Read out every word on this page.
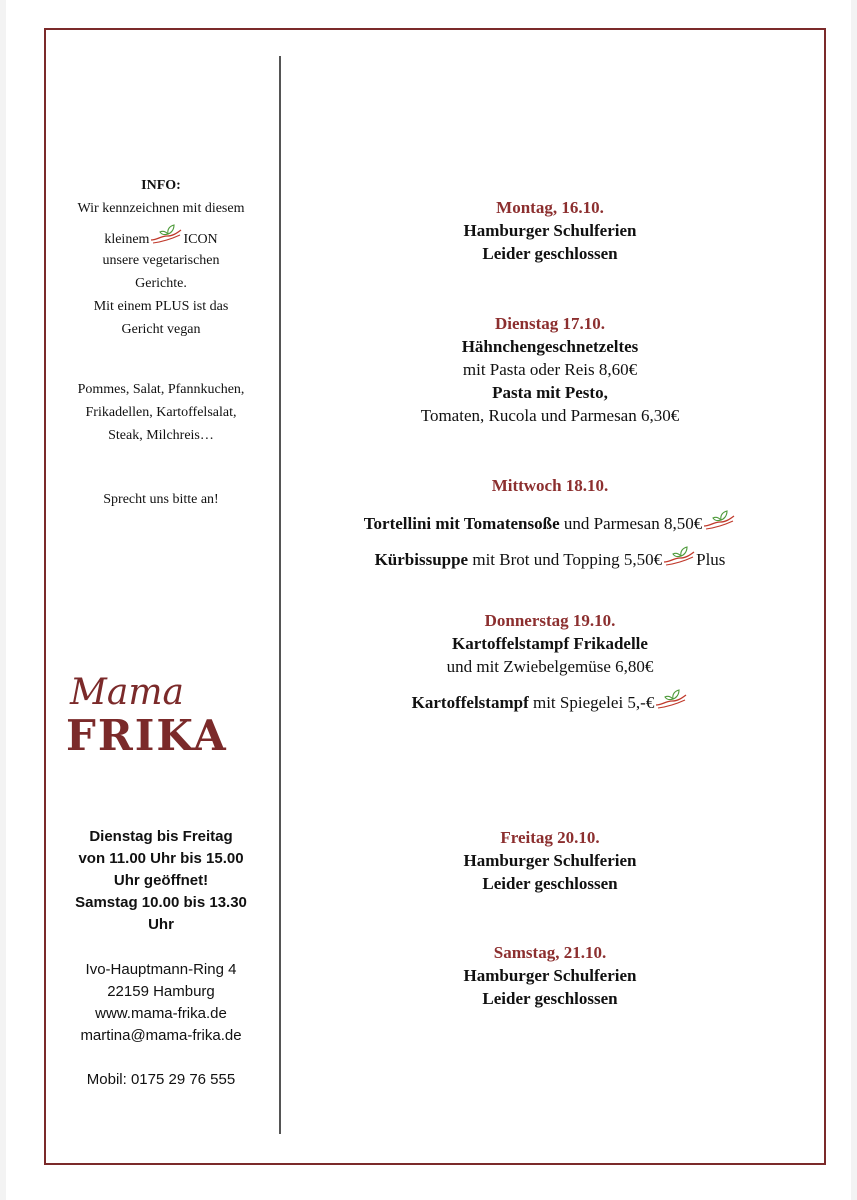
INFO:
Wir kennzeichnen mit diesem
kleinem ICON
unsere vegetarischen
Gerichte.
Mit einem PLUS ist das
Gericht vegan
Pommes, Salat, Pfannkuchen,
Frikadellen, Kartoffelsalat,
Steak, Milchreis…
Sprecht uns bitte an!
Mama
FRIKA
Dienstag bis Freitag
von 11.00 Uhr bis 15.00
Uhr geöffnet!
Samstag 10.00 bis 13.30
Uhr
Ivo-Hauptmann-Ring 4
22159 Hamburg
www.mama-frika.de
martina@mama-frika.de
Mobil: 0175 29 76 555
Montag, 16.10.
Hamburger Schulferien
Leider geschlossen
Dienstag 17.10.
Hähnchengeschnetzeltes
mit Pasta oder Reis 8,60€
Pasta mit Pesto,
Tomaten, Rucola und Parmesan 6,30€
Mittwoch 18.10.
Tortellini mit Tomatensoße und Parmesan 8,50€
Kürbissuppe mit Brot und Topping 5,50€ Plus
Donnerstag 19.10.
Kartoffelstampf Frikadelle
und mit Zwiebelgemüse 6,80€
Kartoffelstampf mit Spiegelei 5,-€
Freitag 20.10.
Hamburger Schulferien
Leider geschlossen
Samstag, 21.10.
Hamburger Schulferien
Leider geschlossen
